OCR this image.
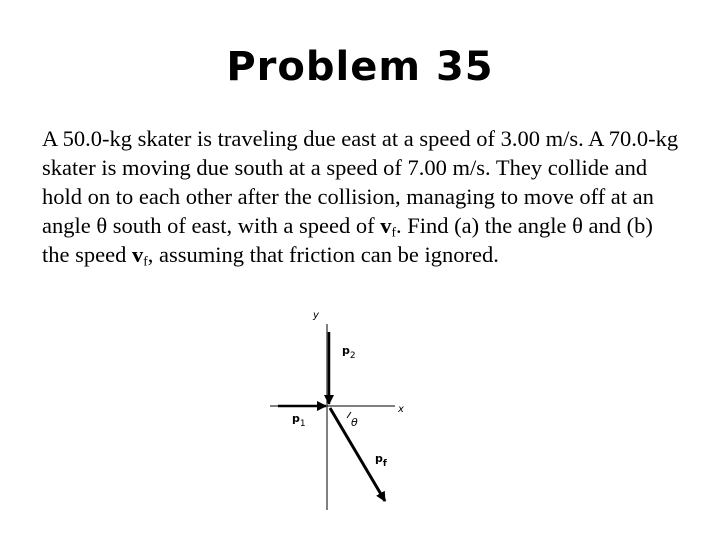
Problem 35
A 50.0-kg skater is traveling due east at a speed of 3.00 m/s. A 70.0-kg skater is moving due south at a speed of 7.00 m/s. They collide and hold on to each other after the collision, managing to move off at an angle θ south of east, with a speed of $v_f$. Find (a) the angle θ and (b) the speed $v_f$, assuming that friction can be ignored.
y
x
$p_2$
$p_1$	θ
$p_f$
